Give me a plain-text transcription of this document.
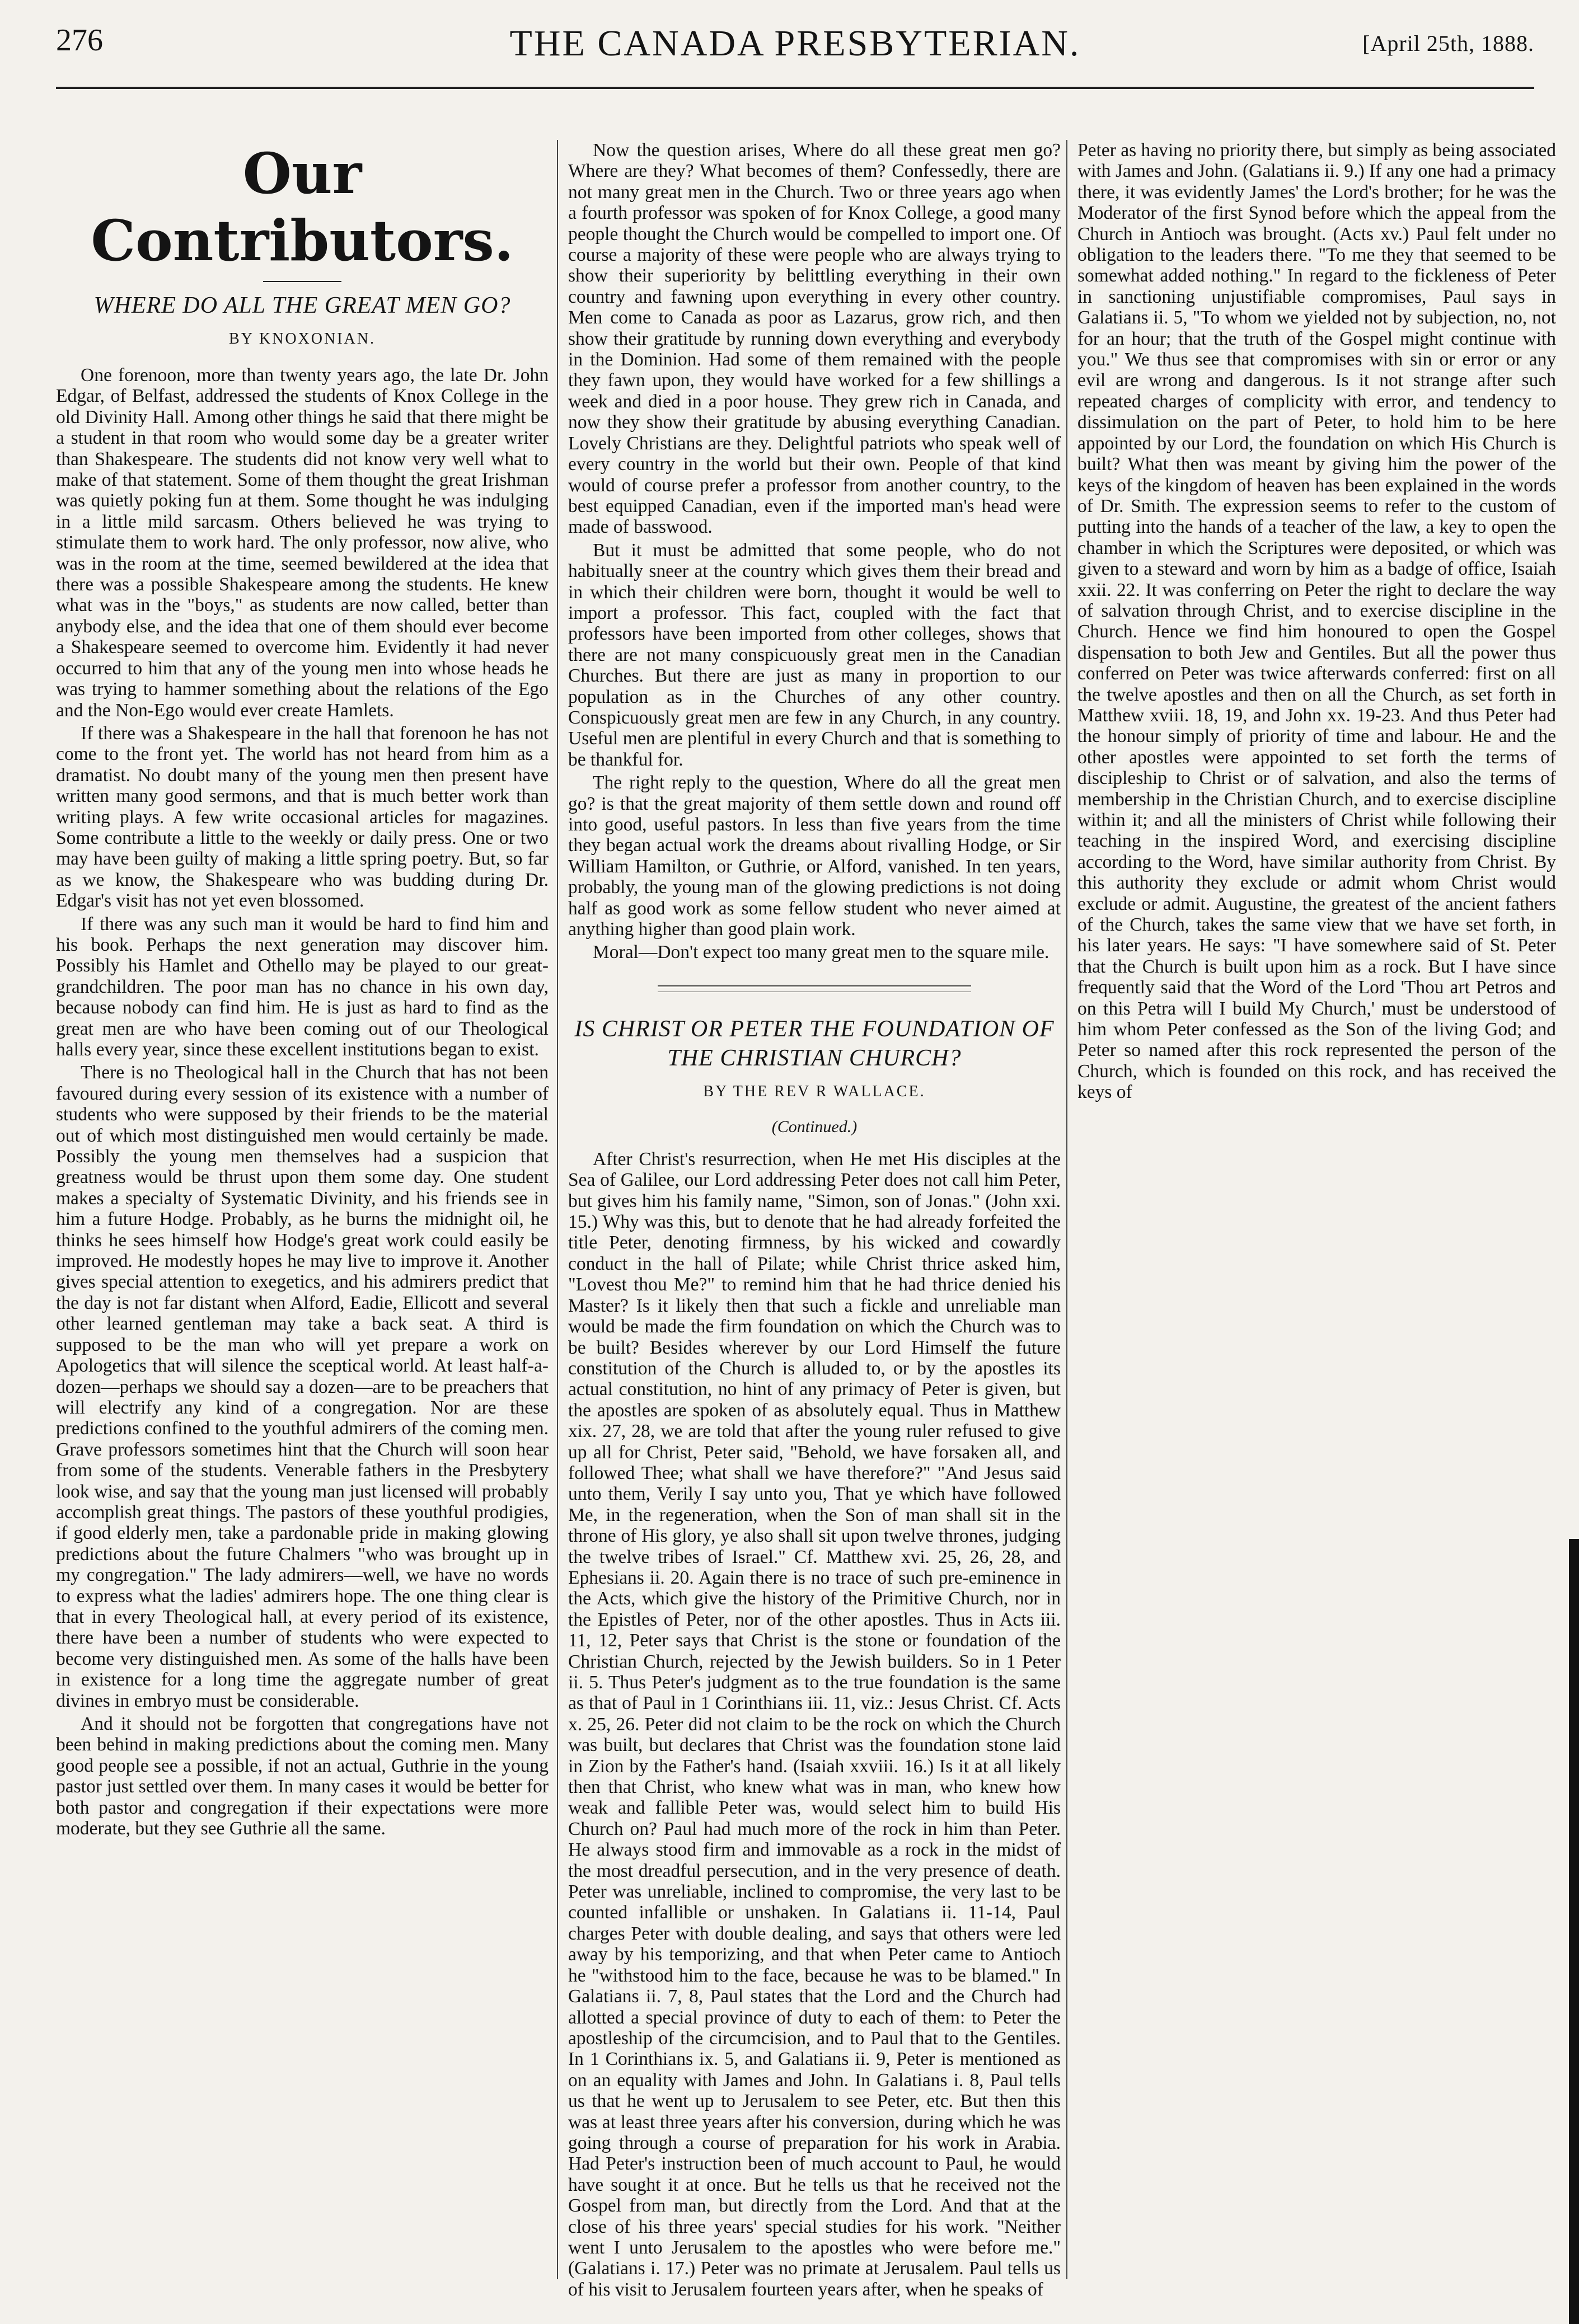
276	THE CANADA PRESBYTERIAN.	[April 25th, 1888.
Our Contributors.
WHERE DO ALL THE GREAT MEN GO?
BY KNOXONIAN.

One forenoon, more than twenty years ago, the late Dr. John Edgar, of Belfast, addressed the students of Knox College in the old Divinity Hall. Among other things he said that there might be a student in that room who would some day be a greater writer than Shakespeare. The students did not know very well what to make of that statement. Some of them thought the great Irishman was quietly poking fun at them. Some thought he was indulging in a little mild sarcasm. Others believed he was trying to stimulate them to work hard. The only professor, now alive, who was in the room at the time, seemed bewildered at the idea that there was a possible Shakespeare among the students. He knew what was in the "boys," as students are now called, better than anybody else, and the idea that one of them should ever become a Shakespeare seemed to overcome him. Evidently it had never occurred to him that any of the young men into whose heads he was trying to hammer something about the relations of the Ego and the Non-Ego would ever create Hamlets.

If there was a Shakespeare in the hall that forenoon he has not come to the front yet. The world has not heard from him as a dramatist. No doubt many of the young men then present have written many good sermons, and that is much better work than writing plays. A few write occasional articles for magazines. Some contribute a little to the weekly or daily press. One or two may have been guilty of making a little spring poetry. But, so far as we know, the Shakespeare who was budding during Dr. Edgar's visit has not yet even blossomed.

If there was any such man it would be hard to find him and his book. Perhaps the next generation may discover him. Possibly his Hamlet and Othello may be played to our great-grandchildren. The poor man has no chance in his own day, because nobody can find him. He is just as hard to find as the great men are who have been coming out of our Theological halls every year, since these excellent institutions began to exist.

There is no Theological hall in the Church that has not been favoured during every session of its existence with a number of students who were supposed by their friends to be the material out of which most distinguished men would certainly be made. Possibly the young men themselves had a suspicion that greatness would be thrust upon them some day. One student makes a specialty of Systematic Divinity, and his friends see in him a future Hodge. Probably, as he burns the midnight oil, he thinks he sees himself how Hodge's great work could easily be improved. He modestly hopes he may live to improve it. Another gives special attention to exegetics, and his admirers predict that the day is not far distant when Alford, Eadie, Ellicott and several other learned gentleman may take a back seat. A third is supposed to be the man who will yet prepare a work on Apologetics that will silence the sceptical world. At least half-a-dozen—perhaps we should say a dozen—are to be preachers that will electrify any kind of a congregation. Nor are these predictions confined to the youthful admirers of the coming men. Grave professors sometimes hint that the Church will soon hear from some of the students. Venerable fathers in the Presbytery look wise, and say that the young man just licensed will probably accomplish great things. The pastors of these youthful prodigies, if good elderly men, take a pardonable pride in making glowing predictions about the future Chalmers "who was brought up in my congregation." The lady admirers—well, we have no words to express what the ladies' admirers hope. The one thing clear is that in every Theological hall, at every period of its existence, there have been a number of students who were expected to become very distinguished men. As some of the halls have been in existence for a long time the aggregate number of great divines in embryo must be considerable.

And it should not be forgotten that congregations have not been behind in making predictions about the coming men. Many good people see a possible, if not an actual, Guthrie in the young pastor just settled over them. In many cases it would be better for both pastor and congregation if their expectations were more moderate, but they see Guthrie all the same.

Now the question arises, Where do all these great men go? Where are they? What becomes of them? Confessedly, there are not many great men in the Church. Two or three years ago when a fourth professor was spoken of for Knox College, a good many people thought the Church would be compelled to import one. Of course a majority of these were people who are always trying to show their superiority by belittling everything in their own country and fawning upon everything in every other country. Men come to Canada as poor as Lazarus, grow rich, and then show their gratitude by running down everything and everybody in the Dominion. Had some of them remained with the people they fawn upon, they would have worked for a few shillings a week and died in a poor house. They grew rich in Canada, and now they show their gratitude by abusing everything Canadian. Lovely Christians are they. Delightful patriots who speak well of every country in the world but their own. People of that kind would of course prefer a professor from another country, to the best equipped Canadian, even if the imported man's head were made of basswood.

But it must be admitted that some people, who do not habitually sneer at the country which gives them their bread and in which their children were born, thought it would be well to import a professor. This fact, coupled with the fact that professors have been imported from other colleges, shows that there are not many conspicuously great men in the Canadian Churches. But there are just as many in proportion to our population as in the Churches of any other country. Conspicuously great men are few in any Church, in any country. Useful men are plentiful in every Church and that is something to be thankful for.

The right reply to the question, Where do all the great men go? is that the great majority of them settle down and round off into good, useful pastors. In less than five years from the time they began actual work the dreams about rivalling Hodge, or Sir William Hamilton, or Guthrie, or Alford, vanished. In ten years, probably, the young man of the glowing predictions is not doing half as good work as some fellow student who never aimed at anything higher than good plain work.

Moral—Don't expect too many great men to the square mile.

IS CHRIST OR PETER THE FOUNDATION OF THE CHRISTIAN CHURCH?
BY THE REV R WALLACE.
(Continued.)

After Christ's resurrection, when He met His disciples at the Sea of Galilee, our Lord addressing Peter does not call him Peter, but gives him his family name, "Simon, son of Jonas." (John xxi. 15.) Why was this, but to denote that he had already forfeited the title Peter, denoting firmness, by his wicked and cowardly conduct in the hall of Pilate; while Christ thrice asked him, "Lovest thou Me?" to remind him that he had thrice denied his Master? Is it likely then that such a fickle and unreliable man would be made the firm foundation on which the Church was to be built? Besides wherever by our Lord Himself the future constitution of the Church is alluded to, or by the apostles its actual constitution, no hint of any primacy of Peter is given, but the apostles are spoken of as absolutely equal. Thus in Matthew xix. 27, 28, we are told that after the young ruler refused to give up all for Christ, Peter said, "Behold, we have forsaken all, and followed Thee; what shall we have therefore?" "And Jesus said unto them, Verily I say unto you, That ye which have followed Me, in the regeneration, when the Son of man shall sit in the throne of His glory, ye also shall sit upon twelve thrones, judging the twelve tribes of Israel." Cf. Matthew xvi. 25, 26, 28, and Ephesians ii. 20. Again there is no trace of such pre-eminence in the Acts, which give the history of the Primitive Church, nor in the Epistles of Peter, nor of the other apostles. Thus in Acts iii. 11, 12, Peter says that Christ is the stone or foundation of the Christian Church, rejected by the Jewish builders. So in 1 Peter ii. 5. Thus Peter's judgment as to the true foundation is the same as that of Paul in 1 Corinthians iii. 11, viz.: Jesus Christ. Cf. Acts x. 25, 26. Peter did not claim to be the rock on which the Church was built, but declares that Christ was the foundation stone laid in Zion by the Father's hand. (Isaiah xxviii. 16.) Is it at all likely then that Christ, who knew what was in man, who knew how weak and fallible Peter was, would select him to build His Church on? Paul had much more of the rock in him than Peter. He always stood firm and immovable as a rock in the midst of the most dreadful persecution, and in the very presence of death. Peter was unreliable, inclined to compromise, the very last to be counted infallible or unshaken. In Galatians ii. 11-14, Paul charges Peter with double dealing, and says that others were led away by his temporizing, and that when Peter came to Antioch he "withstood him to the face, because he was to be blamed." In Galatians ii. 7, 8, Paul states that the Lord and the Church had allotted a special province of duty to each of them: to Peter the apostleship of the circumcision, and to Paul that to the Gentiles. In 1 Corinthians ix. 5, and Galatians ii. 9, Peter is mentioned as on an equality with James and John. In Galatians i. 8, Paul tells us that he went up to Jerusalem to see Peter, etc. But then this was at least three years after his conversion, during which he was going through a course of preparation for his work in Arabia. Had Peter's instruction been of much account to Paul, he would have sought it at once. But he tells us that he received not the Gospel from man, but directly from the Lord. And that at the close of his three years' special studies for his work. "Neither went I unto Jerusalem to the apostles who were before me." (Galatians i. 17.) Peter was no primate at Jerusalem. Paul tells us of his visit to Jerusalem fourteen years after, when he speaks of

Peter as having no priority there, but simply as being associated with James and John. (Galatians ii. 9.) If any one had a primacy there, it was evidently James' the Lord's brother; for he was the Moderator of the first Synod before which the appeal from the Church in Antioch was brought. (Acts xv.) Paul felt under no obligation to the leaders there. "To me they that seemed to be somewhat added nothing." In regard to the fickleness of Peter in sanctioning unjustifiable compromises, Paul says in Galatians ii. 5, "To whom we yielded not by subjection, no, not for an hour; that the truth of the Gospel might continue with you." We thus see that compromises with sin or error or any evil are wrong and dangerous. Is it not strange after such repeated charges of complicity with error, and tendency to dissimulation on the part of Peter, to hold him to be here appointed by our Lord, the foundation on which His Church is built? What then was meant by giving him the power of the keys of the kingdom of heaven has been explained in the words of Dr. Smith. The expression seems to refer to the custom of putting into the hands of a teacher of the law, a key to open the chamber in which the Scriptures were deposited, or which was given to a steward and worn by him as a badge of office, Isaiah xxii. 22. It was conferring on Peter the right to declare the way of salvation through Christ, and to exercise discipline in the Church. Hence we find him honoured to open the Gospel dispensation to both Jew and Gentiles. But all the power thus conferred on Peter was twice afterwards conferred: first on all the twelve apostles and then on all the Church, as set forth in Matthew xviii. 18, 19, and John xx. 19-23. And thus Peter had the honour simply of priority of time and labour. He and the other apostles were appointed to set forth the terms of discipleship to Christ or of salvation, and also the terms of membership in the Christian Church, and to exercise discipline within it; and all the ministers of Christ while following their teaching in the inspired Word, and exercising discipline according to the Word, have similar authority from Christ. By this authority they exclude or admit whom Christ would exclude or admit. Augustine, the greatest of the ancient fathers of the Church, takes the same view that we have set forth, in his later years. He says: "I have somewhere said of St. Peter that the Church is built upon him as a rock. But I have since frequently said that the Word of the Lord 'Thou art Petros and on this Petra will I build My Church,' must be understood of him whom Peter confessed as the Son of the living God; and Peter so named after this rock represented the person of the Church, which is founded on this rock, and has received the keys of
